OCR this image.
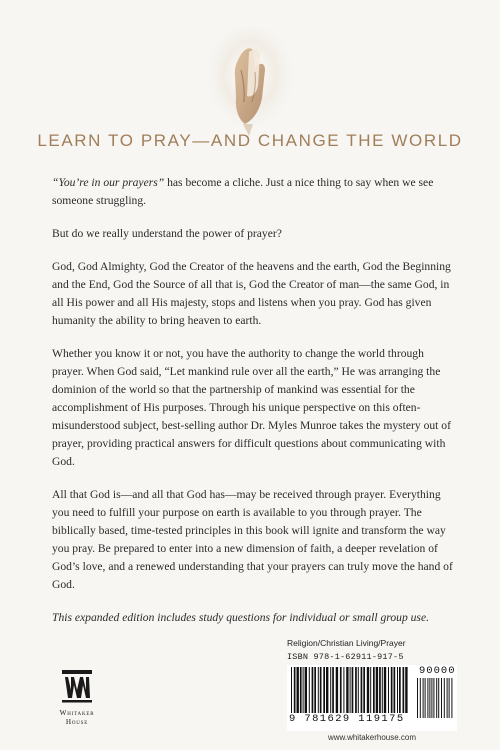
LEARN TO PRAY—AND CHANGE THE WORLD

“You’re in our prayers” has become a cliche. Just a nice thing to say when we see someone struggling.

But do we really understand the power of prayer?

God, God Almighty, God the Creator of the heavens and the earth, God the Beginning and the End, God the Source of all that is, God the Creator of man—the same God, in all His power and all His majesty, stops and listens when you pray. God has given humanity the ability to bring heaven to earth.

Whether you know it or not, you have the authority to change the world through prayer. When God said, “Let mankind rule over all the earth,” He was arranging the dominion of the world so that the partnership of mankind was essential for the accomplishment of His purposes. Through his unique perspective on this often-misunderstood subject, best-selling author Dr. Myles Munroe takes the mystery out of prayer, providing practical answers for difficult questions about communicating with God.

All that God is—and all that God has—may be received through prayer. Everything you need to fulfill your purpose on earth is available to you through prayer. The biblically based, time-tested principles in this book will ignite and transform the way you pray. Be prepared to enter into a new dimension of faith, a deeper revelation of God’s love, and a renewed understanding that your prayers can truly move the hand of God.

This expanded edition includes study questions for individual or small group use.

Whitaker
House
Religion/Christian Living/Prayer
ISBN 978-1-62911-917-5
90000
9 781629 119175
www.whitakerhouse.com
